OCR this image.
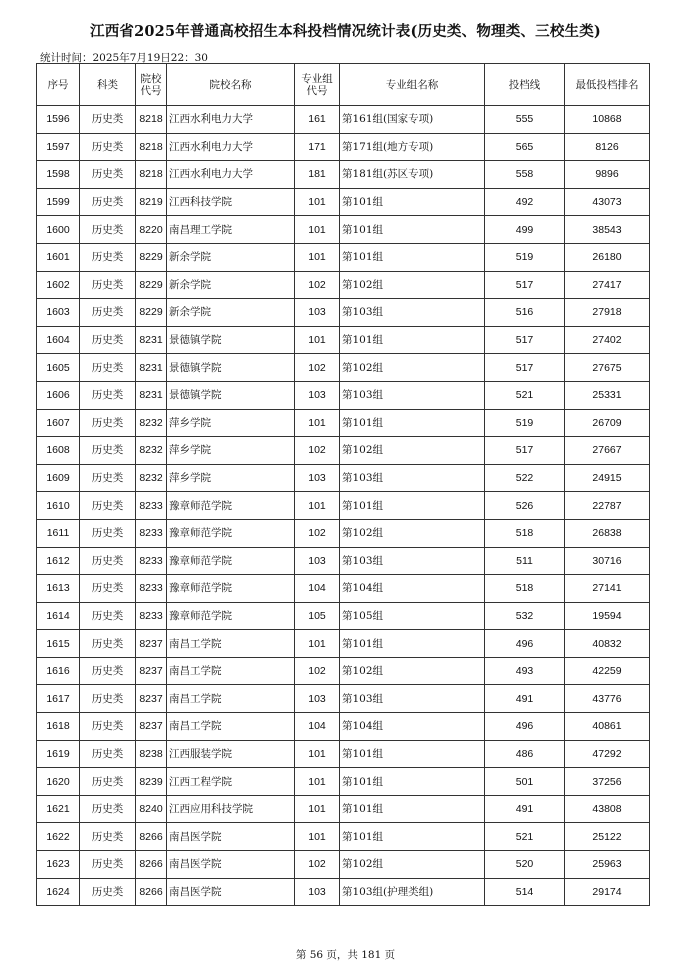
江西省2025年普通高校招生本科投档情况统计表(历史类、物理类、三校生类)
统计时间：2025年7月19日22：30
序号	科类	院校代号	院校名称	专业组代号	专业组名称	投档线	最低投档排名
1596	历史类	8218	江西水利电力大学	161	第161组(国家专项)	555	10868
1597	历史类	8218	江西水利电力大学	171	第171组(地方专项)	565	8126
1598	历史类	8218	江西水利电力大学	181	第181组(苏区专项)	558	9896
1599	历史类	8219	江西科技学院	101	第101组	492	43073
1600	历史类	8220	南昌理工学院	101	第101组	499	38543
1601	历史类	8229	新余学院	101	第101组	519	26180
1602	历史类	8229	新余学院	102	第102组	517	27417
1603	历史类	8229	新余学院	103	第103组	516	27918
1604	历史类	8231	景德镇学院	101	第101组	517	27402
1605	历史类	8231	景德镇学院	102	第102组	517	27675
1606	历史类	8231	景德镇学院	103	第103组	521	25331
1607	历史类	8232	萍乡学院	101	第101组	519	26709
1608	历史类	8232	萍乡学院	102	第102组	517	27667
1609	历史类	8232	萍乡学院	103	第103组	522	24915
1610	历史类	8233	豫章师范学院	101	第101组	526	22787
1611	历史类	8233	豫章师范学院	102	第102组	518	26838
1612	历史类	8233	豫章师范学院	103	第103组	511	30716
1613	历史类	8233	豫章师范学院	104	第104组	518	27141
1614	历史类	8233	豫章师范学院	105	第105组	532	19594
1615	历史类	8237	南昌工学院	101	第101组	496	40832
1616	历史类	8237	南昌工学院	102	第102组	493	42259
1617	历史类	8237	南昌工学院	103	第103组	491	43776
1618	历史类	8237	南昌工学院	104	第104组	496	40861
1619	历史类	8238	江西服装学院	101	第101组	486	47292
1620	历史类	8239	江西工程学院	101	第101组	501	37256
1621	历史类	8240	江西应用科技学院	101	第101组	491	43808
1622	历史类	8266	南昌医学院	101	第101组	521	25122
1623	历史类	8266	南昌医学院	102	第102组	520	25963
1624	历史类	8266	南昌医学院	103	第103组(护理类组)	514	29174
第 56 页，共 181 页
